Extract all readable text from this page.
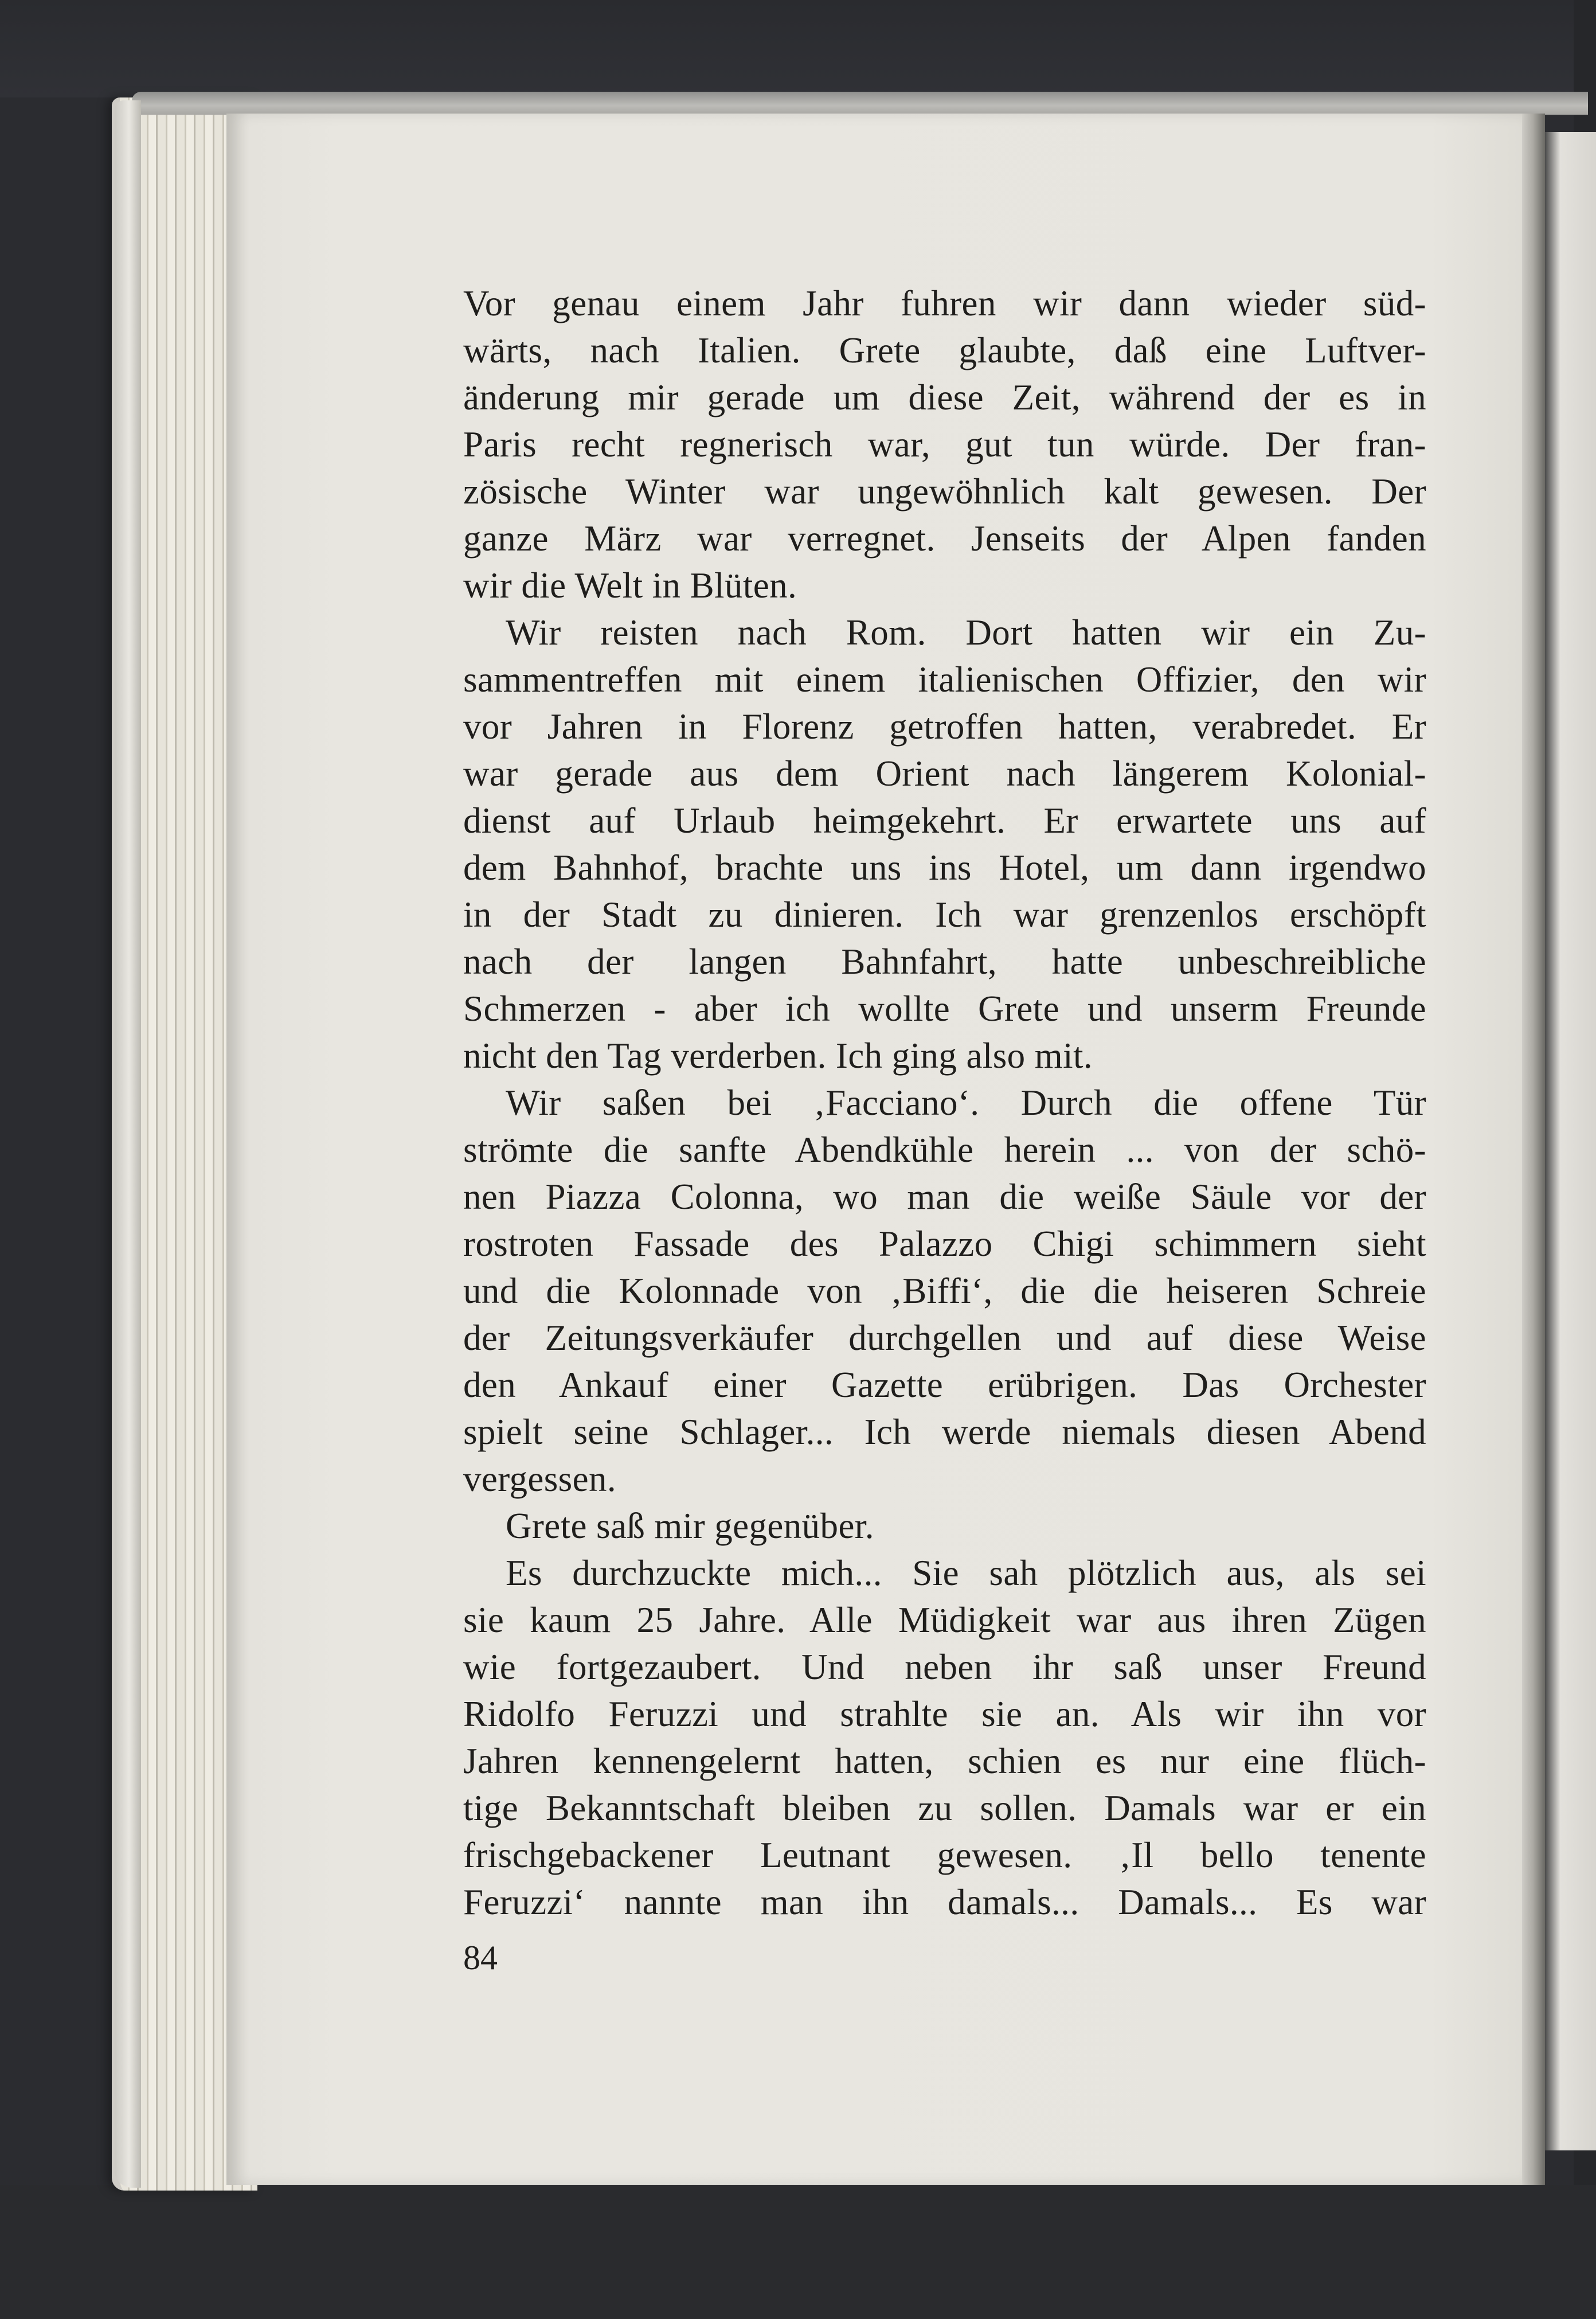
Vor genau einem Jahr fuhren wir dann wieder süd-
wärts, nach Italien. Grete glaubte, daß eine Luftver-
änderung mir gerade um diese Zeit, während der es in
Paris recht regnerisch war, gut tun würde. Der fran-
zösische Winter war ungewöhnlich kalt gewesen. Der
ganze März war verregnet. Jenseits der Alpen fanden
wir die Welt in Blüten.
Wir reisten nach Rom. Dort hatten wir ein Zu-
sammentreffen mit einem italienischen Offizier, den wir
vor Jahren in Florenz getroffen hatten, verabredet. Er
war gerade aus dem Orient nach längerem Kolonial-
dienst auf Urlaub heimgekehrt. Er erwartete uns auf
dem Bahnhof, brachte uns ins Hotel, um dann irgendwo
in der Stadt zu dinieren. Ich war grenzenlos erschöpft
nach der langen Bahnfahrt, hatte unbeschreibliche
Schmerzen - aber ich wollte Grete und unserm Freunde
nicht den Tag verderben. Ich ging also mit.
Wir saßen bei ‚Facciano‘. Durch die offene Tür
strömte die sanfte Abendkühle herein ... von der schö-
nen Piazza Colonna, wo man die weiße Säule vor der
rostroten Fassade des Palazzo Chigi schimmern sieht
und die Kolonnade von ‚Biffi‘, die die heiseren Schreie
der Zeitungsverkäufer durchgellen und auf diese Weise
den Ankauf einer Gazette erübrigen. Das Orchester
spielt seine Schlager... Ich werde niemals diesen Abend
vergessen.
Grete saß mir gegenüber.
Es durchzuckte mich... Sie sah plötzlich aus, als sei
sie kaum 25 Jahre. Alle Müdigkeit war aus ihren Zügen
wie fortgezaubert. Und neben ihr saß unser Freund
Ridolfo Feruzzi und strahlte sie an. Als wir ihn vor
Jahren kennengelernt hatten, schien es nur eine flüch-
tige Bekanntschaft bleiben zu sollen. Damals war er ein
frischgebackener Leutnant gewesen. ‚Il bello tenente
Feruzzi‘ nannte man ihn damals... Damals... Es war
84
